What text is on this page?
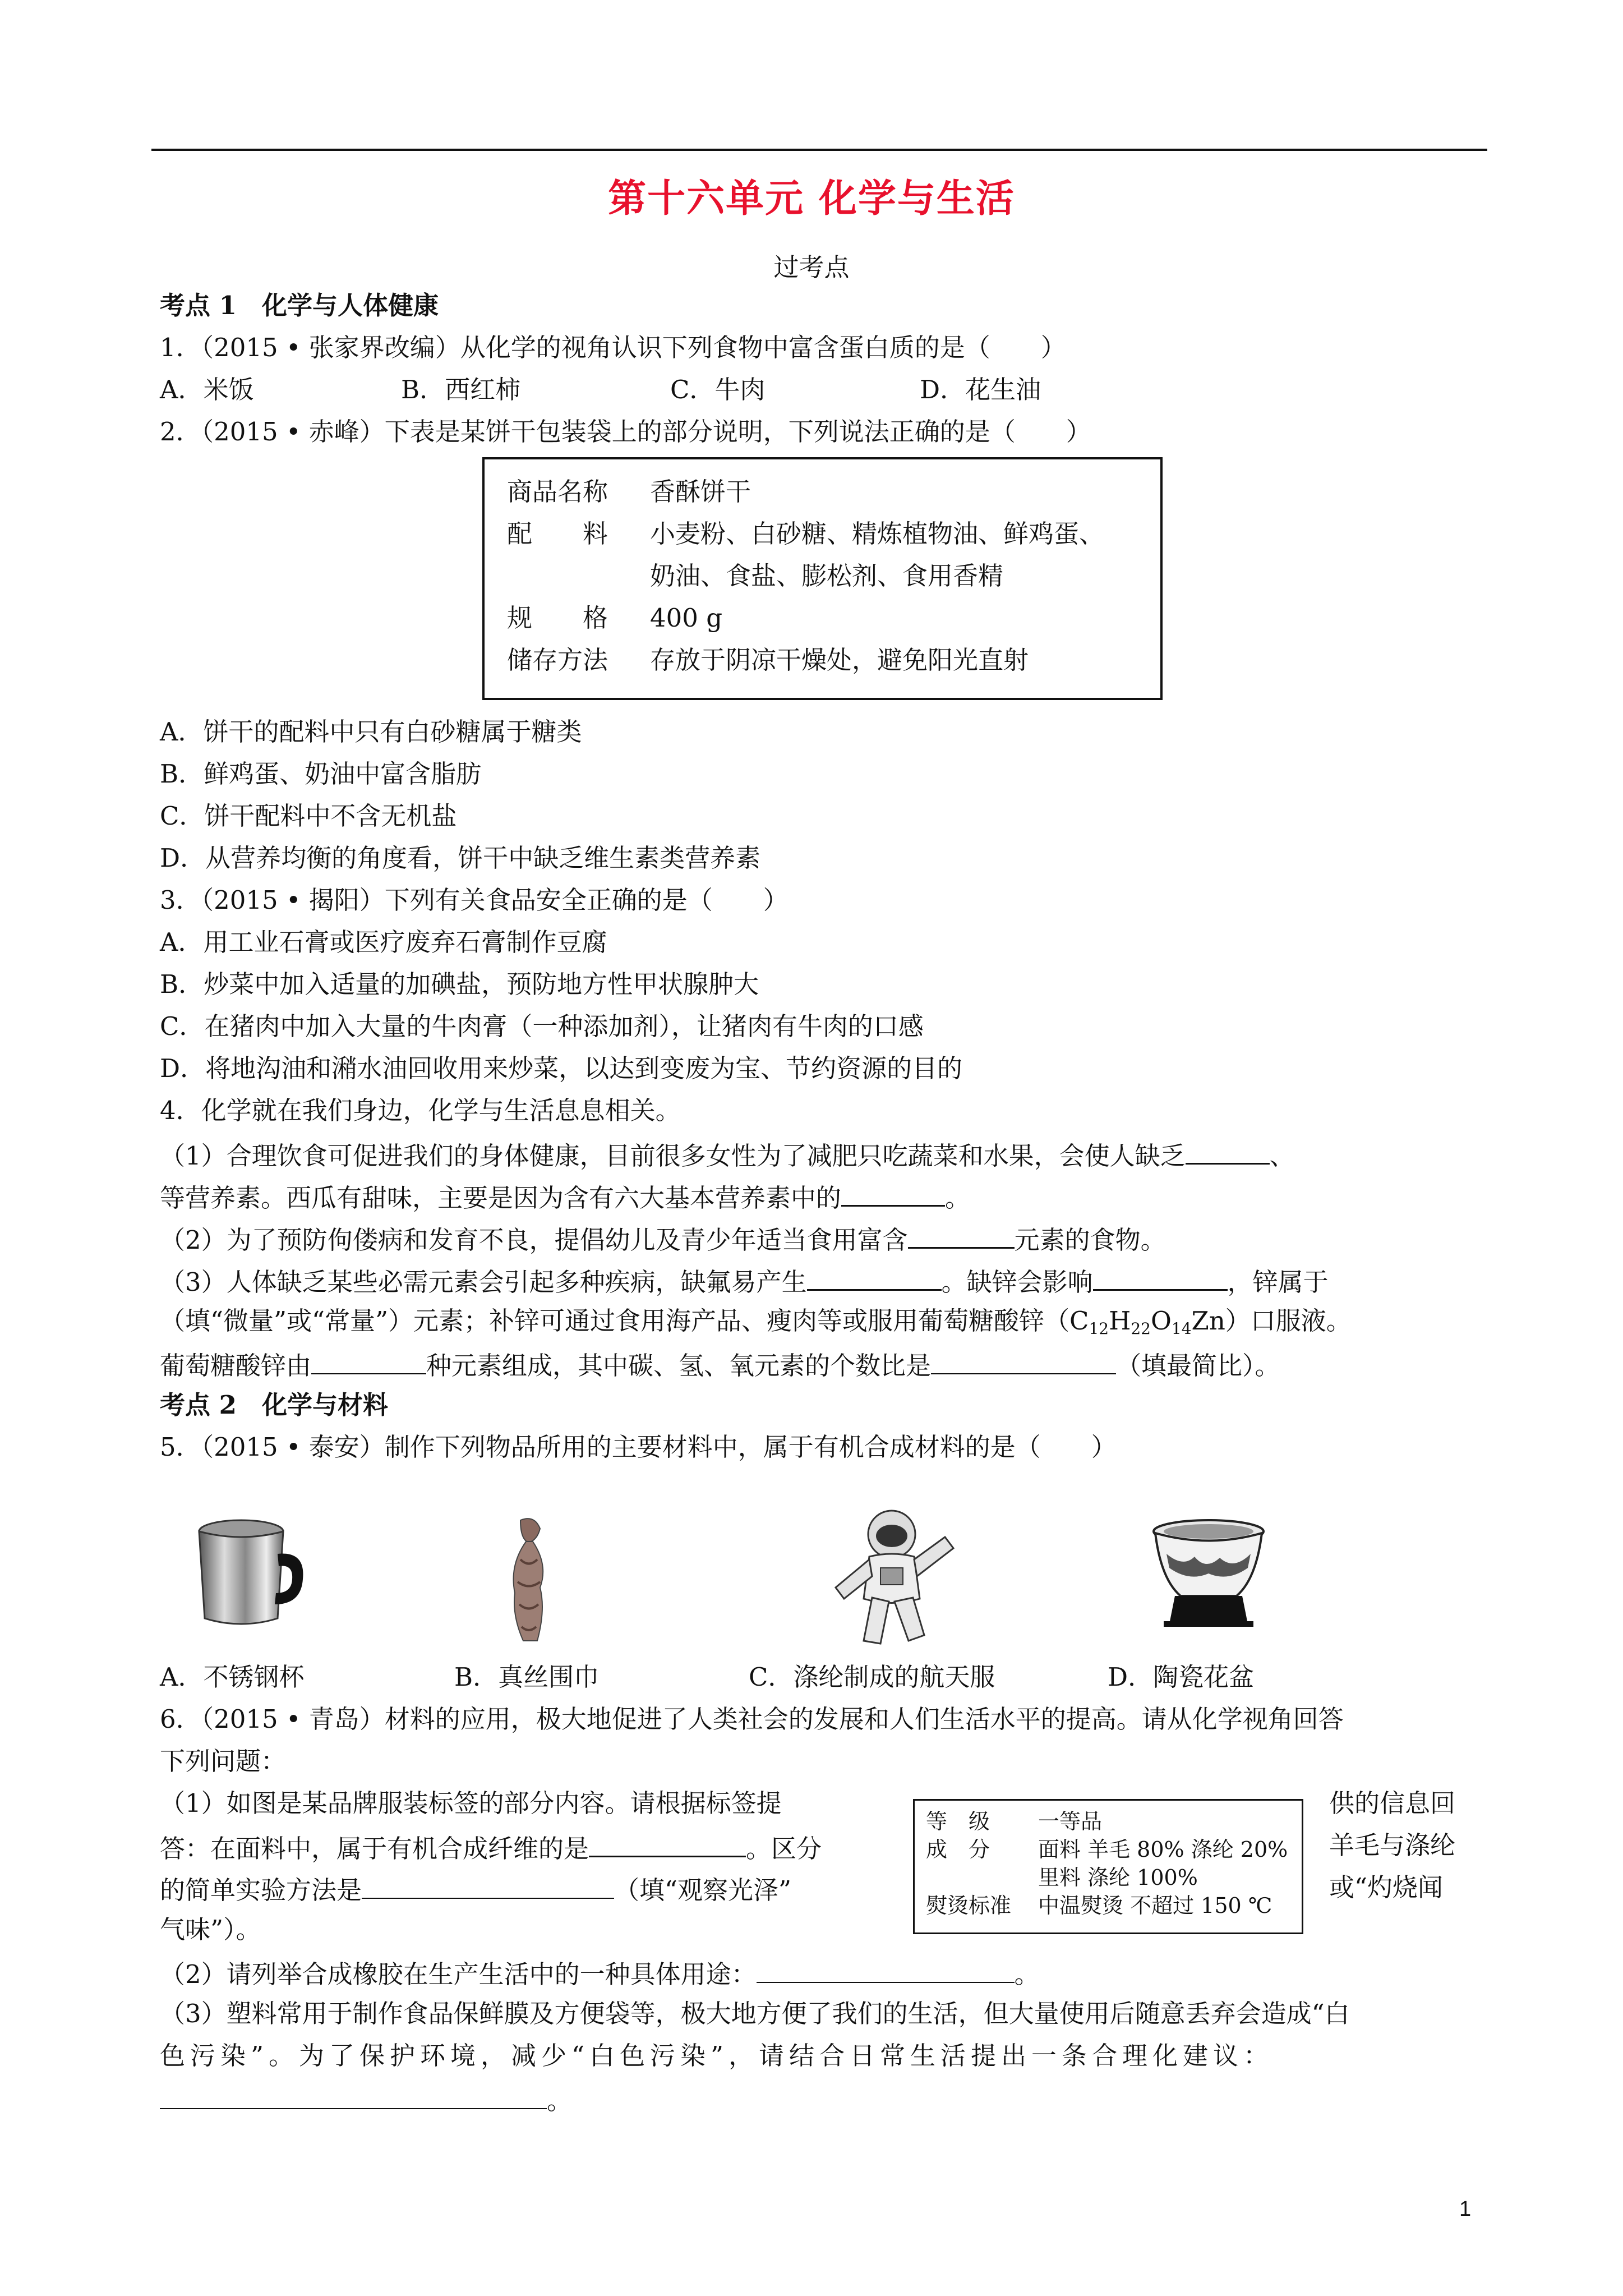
第十六单元 化学与生活
过考点
考点 1　化学与人体健康
1．（2015 • 张家界改编）从化学的视角认识下列食物中富含蛋白质的是（　　）
A．米饭	B．西红柿	C．牛肉	D．花生油
2．（2015 • 赤峰）下表是某饼干包装袋上的部分说明，下列说法正确的是（　　）
商品名称 香酥饼干
配　　料 小麦粉、白砂糖、精炼植物油、鲜鸡蛋、
奶油、食盐、膨松剂、食用香精
规　　格 400 g
储存方法 存放于阴凉干燥处，避免阳光直射
A．饼干的配料中只有白砂糖属于糖类
B．鲜鸡蛋、奶油中富含脂肪
C．饼干配料中不含无机盐
D．从营养均衡的角度看，饼干中缺乏维生素类营养素
3．（2015 • 揭阳）下列有关食品安全正确的是（　　）
A．用工业石膏或医疗废弃石膏制作豆腐
B．炒菜中加入适量的加碘盐，预防地方性甲状腺肿大
C．在猪肉中加入大量的牛肉膏（一种添加剂），让猪肉有牛肉的口感
D．将地沟油和潲水油回收用来炒菜，以达到变废为宝、节约资源的目的
4．化学就在我们身边，化学与生活息息相关。
（1）合理饮食可促进我们的身体健康，目前很多女性为了减肥只吃蔬菜和水果，会使人缺乏	、
等营养素。西瓜有甜味，主要是因为含有六大基本营养素中的	。
（2）为了预防佝偻病和发育不良，提倡幼儿及青少年适当食用富含	元素的食物。
（3）人体缺乏某些必需元素会引起多种疾病，缺氟易产生	。缺锌会影响	，锌属于
（填“微量”或“常量”）元素；补锌可通过食用海产品、瘦肉等或服用葡萄糖酸锌$(C_{12}H_{22}O_{14}Zn)$口服液。
葡萄糖酸锌由	种元素组成，其中碳、氢、氧元素的个数比是	（填最简比）。
考点 2　化学与材料
5．（2015 • 泰安）制作下列物品所用的主要材料中，属于有机合成材料的是（　　）
A．不锈钢杯	B．真丝围巾	C．涤纶制成的航天服	D．陶瓷花盆
6．（2015 • 青岛）材料的应用，极大地促进了人类社会的发展和人们生活水平的提高。请从化学视角回答
下列问题：
（1）如图是某品牌服装标签的部分内容。请根据标签提	供的信息回
答：在面料中，属于有机合成纤维的是	。区分	羊毛与涤纶
的简单实验方法是	（填“观察光泽”	或“灼烧闻
气味”）。
等　级 一等品
成　分 面料 羊毛 80% 涤纶 20%
里料 涤纶 100%
熨烫标准 中温熨烫 不超过 150 ℃
（2）请列举合成橡胶在生产生活中的一种具体用途：	。
（3）塑料常用于制作食品保鲜膜及方便袋等，极大地方便了我们的生活，但大量使用后随意丢弃会造成“白
色污染”。为了保护环境，减少“白色污染”，请结合日常生活提出一条合理化建议：
。
1
